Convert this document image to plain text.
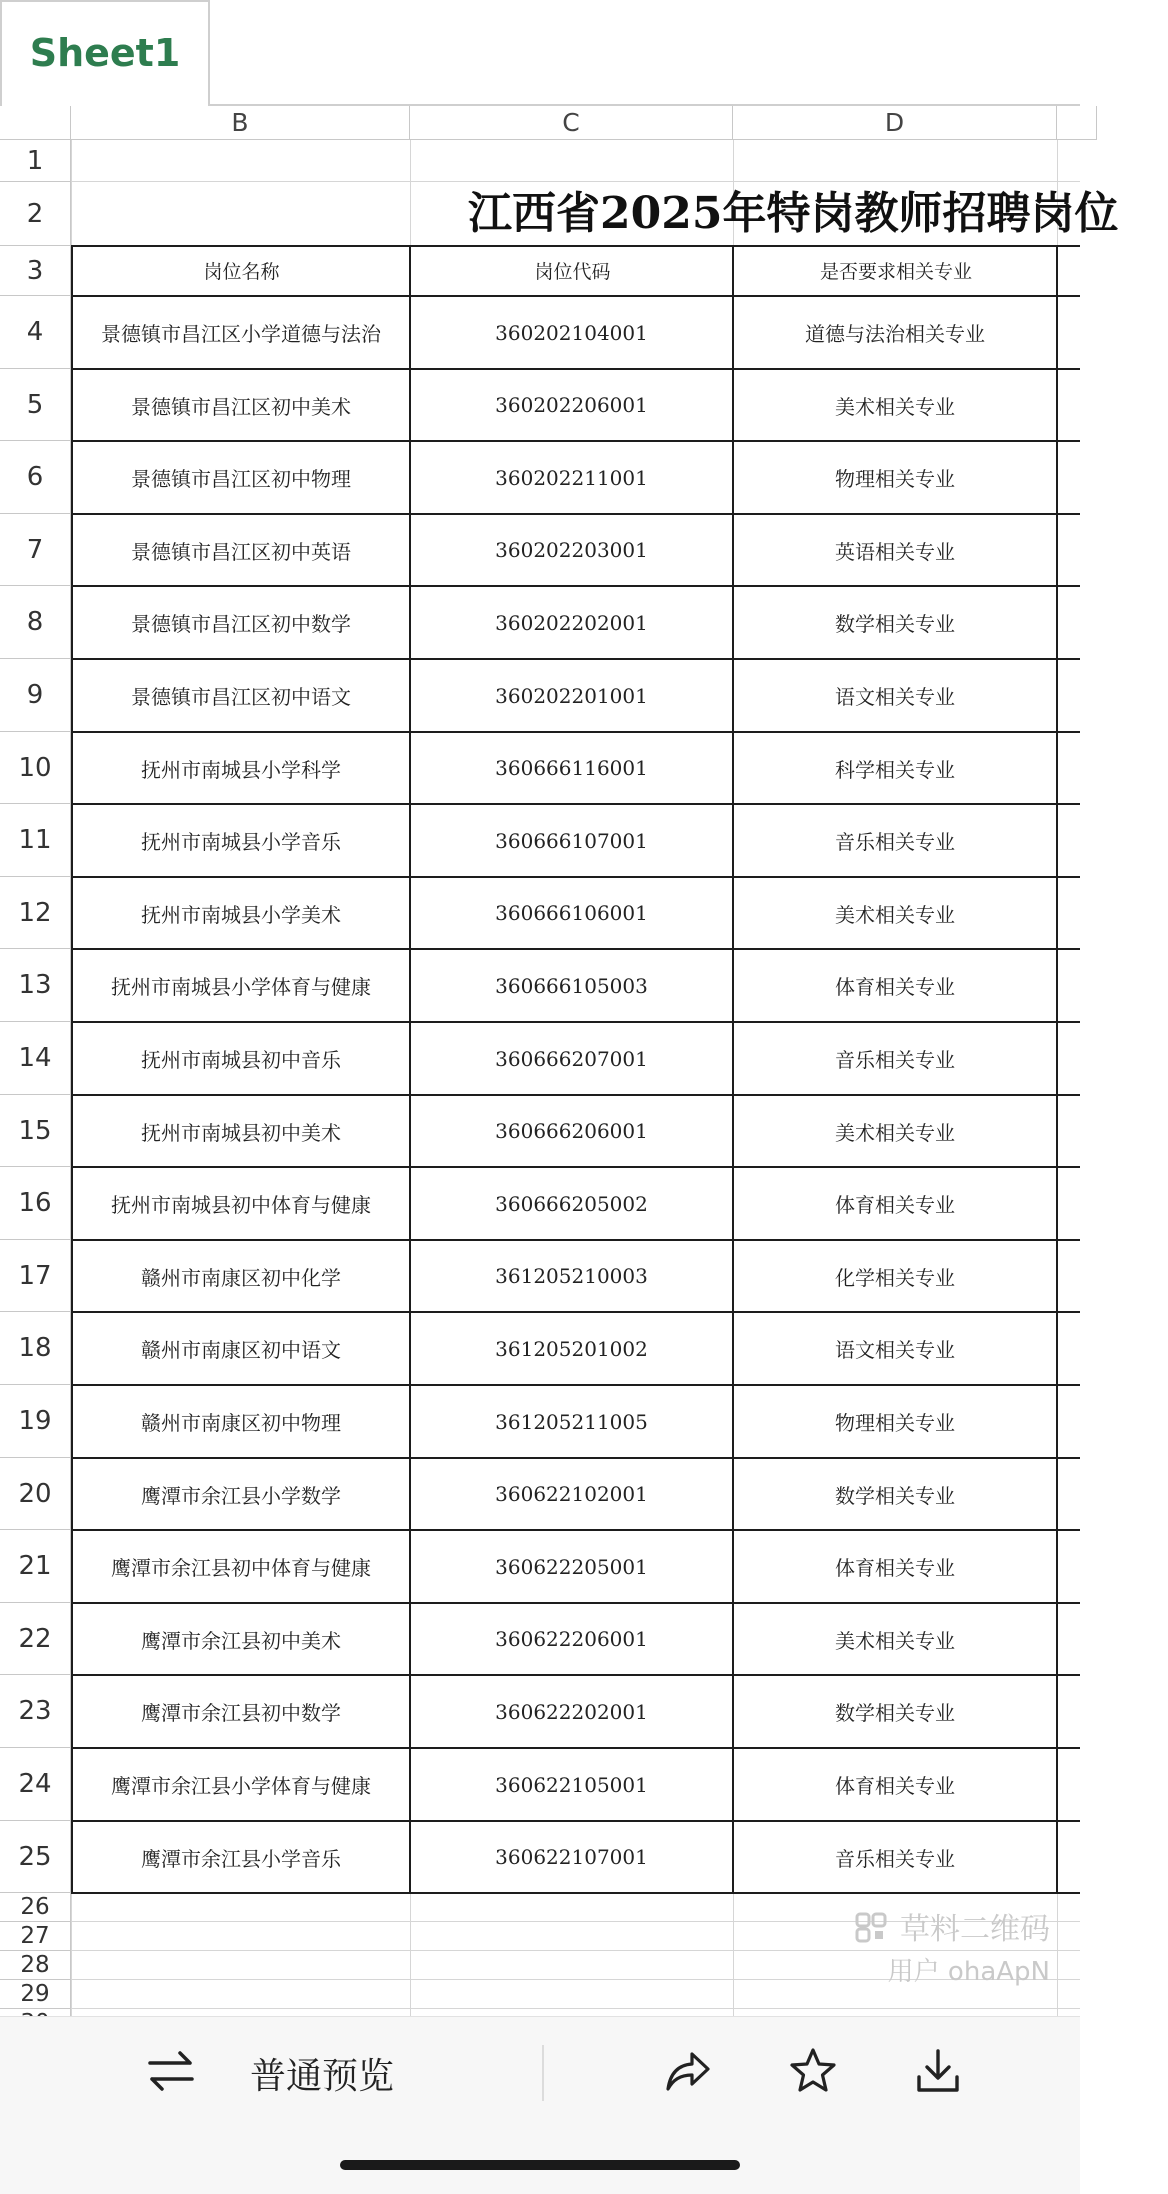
Sheet1
B	C	D
江西省2025年特岗教师招聘岗位
岗位名称	岗位代码	是否要求相关专业
景德镇市昌江区小学道德与法治	360202104001	道德与法治相关专业
景德镇市昌江区初中美术	360202206001	美术相关专业
景德镇市昌江区初中物理	360202211001	物理相关专业
景德镇市昌江区初中英语	360202203001	英语相关专业
景德镇市昌江区初中数学	360202202001	数学相关专业
景德镇市昌江区初中语文	360202201001	语文相关专业
抚州市南城县小学科学	360666116001	科学相关专业
抚州市南城县小学音乐	360666107001	音乐相关专业
抚州市南城县小学美术	360666106001	美术相关专业
抚州市南城县小学体育与健康	360666105003	体育相关专业
抚州市南城县初中音乐	360666207001	音乐相关专业
抚州市南城县初中美术	360666206001	美术相关专业
抚州市南城县初中体育与健康	360666205002	体育相关专业
赣州市南康区初中化学	361205210003	化学相关专业
赣州市南康区初中语文	361205201002	语文相关专业
赣州市南康区初中物理	361205211005	物理相关专业
鹰潭市余江县小学数学	360622102001	数学相关专业
鹰潭市余江县初中体育与健康	360622205001	体育相关专业
鹰潭市余江县初中美术	360622206001	美术相关专业
鹰潭市余江县初中数学	360622202001	数学相关专业
鹰潭市余江县小学体育与健康	360622105001	体育相关专业
鹰潭市余江县小学音乐	360622107001	音乐相关专业
草料二维码
用户 ohaApN
1
2
3
4
5
6
7
8
9
10
11
12
13
14
15
16
17
18
19
20
21
22
23
24
25
26
27
28
29
普通预览
